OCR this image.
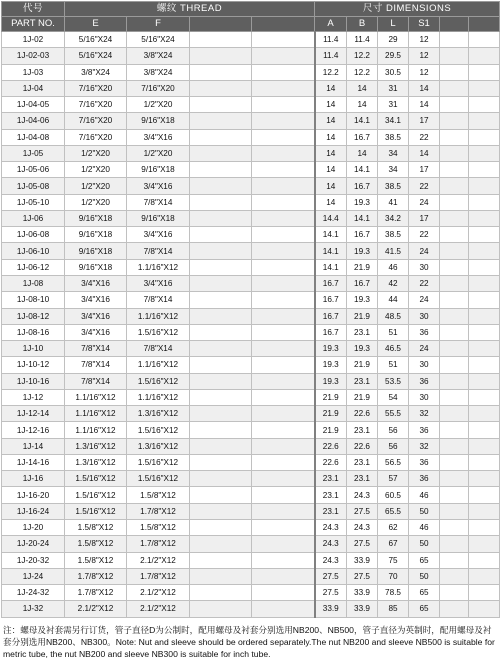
代号	螺纹 THREAD				尺寸 DIMENSIONS					
PART NO.	E	F			A	B	L	S1		
1J-02	5/16"X24	5/16"X24			11.4	11.4	29	12		
1J-02-03	5/16"X24	3/8"X24			11.4	12.2	29.5	12		
1J-03	3/8"X24	3/8"X24			12.2	12.2	30.5	12		
1J-04	7/16"X20	7/16"X20			14	14	31	14		
1J-04-05	7/16"X20	1/2"X20			14	14	31	14		
1J-04-06	7/16"X20	9/16"X18			14	14.1	34.1	17		
1J-04-08	7/16"X20	3/4"X16			14	16.7	38.5	22		
1J-05	1/2"X20	1/2"X20			14	14	34	14		
1J-05-06	1/2"X20	9/16"X18			14	14.1	34	17		
1J-05-08	1/2"X20	3/4"X16			14	16.7	38.5	22		
1J-05-10	1/2"X20	7/8"X14			14	19.3	41	24		
1J-06	9/16"X18	9/16"X18			14.4	14.1	34.2	17		
1J-06-08	9/16"X18	3/4"X16			14.1	16.7	38.5	22		
1J-06-10	9/16"X18	7/8"X14			14.1	19.3	41.5	24		
1J-06-12	9/16"X18	1.1/16"X12			14.1	21.9	46	30		
1J-08	3/4"X16	3/4"X16			16.7	16.7	42	22		
1J-08-10	3/4"X16	7/8"X14			16.7	19.3	44	24		
1J-08-12	3/4"X16	1.1/16"X12			16.7	21.9	48.5	30		
1J-08-16	3/4"X16	1.5/16"X12			16.7	23.1	51	36		
1J-10	7/8"X14	7/8"X14			19.3	19.3	46.5	24		
1J-10-12	7/8"X14	1.1/16"X12			19.3	21.9	51	30		
1J-10-16	7/8"X14	1.5/16"X12			19.3	23.1	53.5	36		
1J-12	1.1/16"X12	1.1/16"X12			21.9	21.9	54	30		
1J-12-14	1.1/16"X12	1.3/16"X12			21.9	22.6	55.5	32		
1J-12-16	1.1/16"X12	1.5/16"X12			21.9	23.1	56	36		
1J-14	1.3/16"X12	1.3/16"X12			22.6	22.6	56	32		
1J-14-16	1.3/16"X12	1.5/16"X12			22.6	23.1	56.5	36		
1J-16	1.5/16"X12	1.5/16"X12			23.1	23.1	57	36		
1J-16-20	1.5/16"X12	1.5/8"X12			23.1	24.3	60.5	46		
1J-16-24	1.5/16"X12	1.7/8"X12			23.1	27.5	65.5	50		
1J-20	1.5/8"X12	1.5/8"X12			24.3	24.3	62	46		
1J-20-24	1.5/8"X12	1.7/8"X12			24.3	27.5	67	50		
1J-20-32	1.5/8"X12	2.1/2"X12			24.3	33.9	75	65		
1J-24	1.7/8"X12	1.7/8"X12			27.5	27.5	70	50		
1J-24-32	1.7/8"X12	2.1/2"X12			27.5	33.9	78.5	65		
1J-32	2.1/2"X12	2.1/2"X12			33.9	33.9	85	65		
注：螺母及衬套需另行订货，管子直径D为公制时，配用螺母及衬套分别选用NB200、NB500，管子直径为英制时，配用螺母及衬套分别选用NB200、NB300。Note: Nut and sleeve should be ordered separately.The nut NB200 and sleeve NB500 is suitable for metric tube, the nut NB200 and sleeve NB300 is suitable for inch tube.
